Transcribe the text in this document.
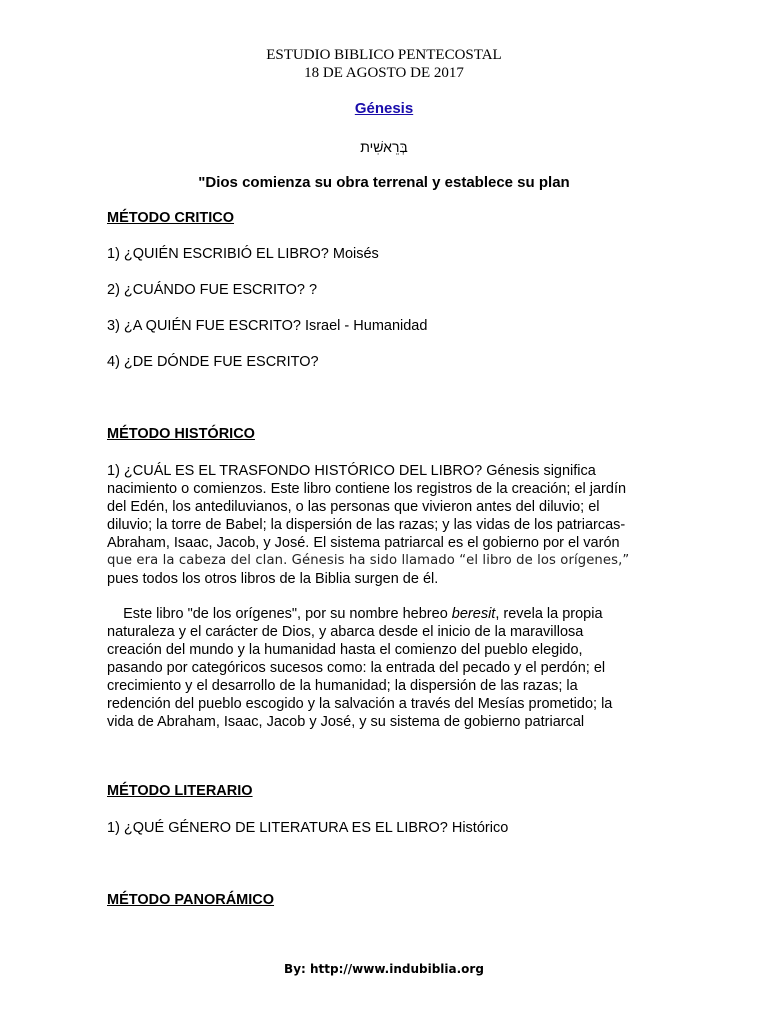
ESTUDIO BIBLICO PENTECOSTAL
18 DE AGOSTO DE 2017
Génesis
בְּרֵאשִׁית
"Dios comienza su obra terrenal y establece su plan
MÉTODO CRITICO
1) ¿QUIÉN ESCRIBIÓ EL LIBRO? Moisés
2) ¿CUÁNDO FUE ESCRITO? ?
3) ¿A QUIÉN FUE ESCRITO? Israel - Humanidad
4) ¿DE DÓNDE FUE ESCRITO?
MÉTODO HISTÓRICO
1) ¿CUÁL ES EL TRASFONDO HISTÓRICO DEL LIBRO? Génesis significa
nacimiento o comienzos. Este libro contiene los registros de la creación; el jardín
del Edén, los antediluvianos, o las personas que vivieron antes del diluvio; el
diluvio; la torre de Babel; la dispersión de las razas; y las vidas de los patriarcas-
Abraham, Isaac, Jacob, y José. El sistema patriarcal es el gobierno por el varón
que era la cabeza del clan. Génesis ha sido llamado “el libro de los orígenes,”
pues todos los otros libros de la Biblia surgen de él.
Este libro "de los orígenes", por su nombre hebreo beresit, revela la propia
naturaleza y el carácter de Dios, y abarca desde el inicio de la maravillosa
creación del mundo y la humanidad hasta el comienzo del pueblo elegido,
pasando por categóricos sucesos como: la entrada del pecado y el perdón; el
crecimiento y el desarrollo de la humanidad; la dispersión de las razas; la
redención del pueblo escogido y la salvación a través del Mesías prometido; la
vida de Abraham, Isaac, Jacob y José, y su sistema de gobierno patriarcal
MÉTODO LITERARIO
1) ¿QUÉ GÉNERO DE LITERATURA ES EL LIBRO? Histórico
MÉTODO PANORÁMICO
By: http://www.indubiblia.org
